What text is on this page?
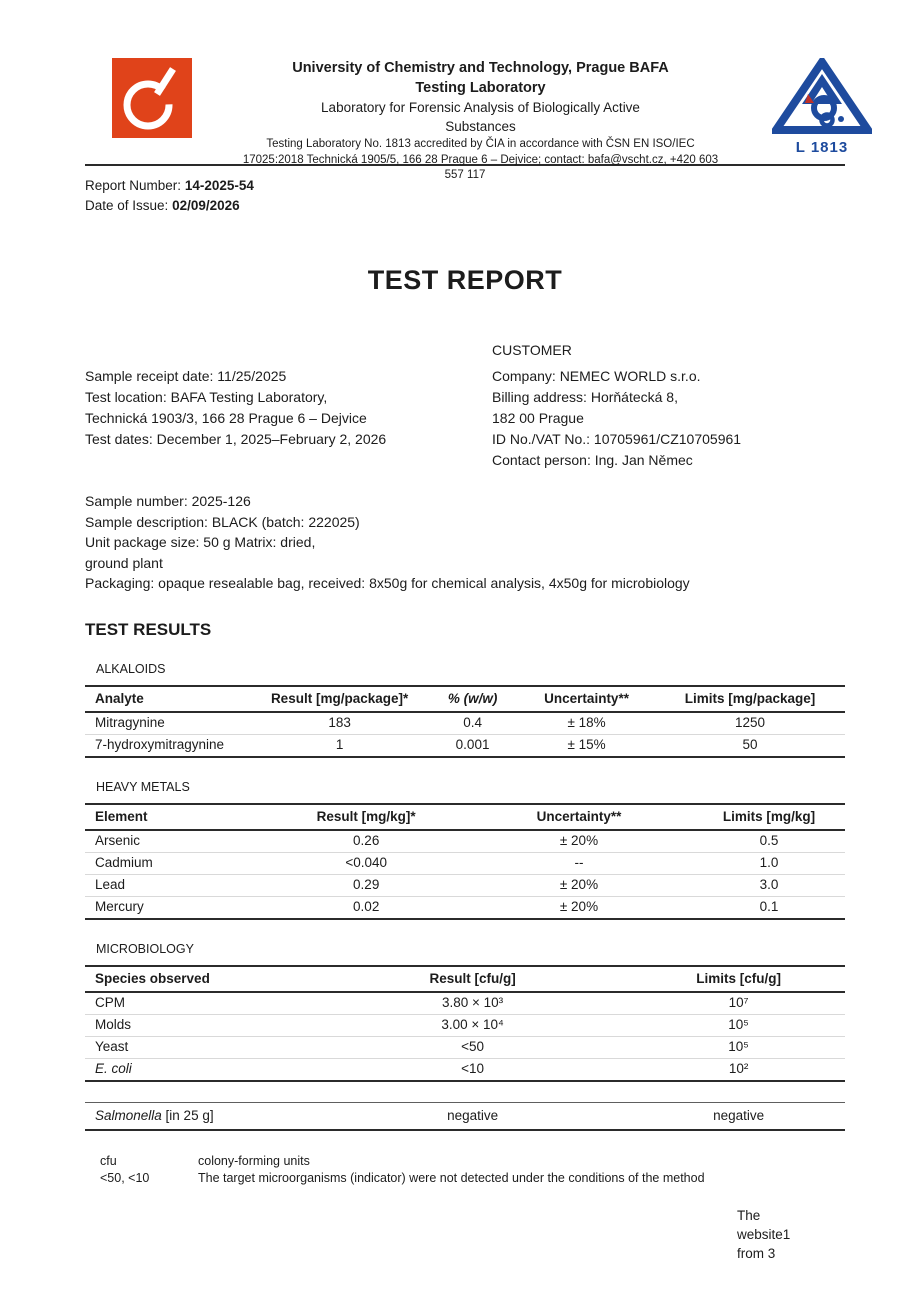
University of Chemistry and Technology, Prague BAFA
Testing Laboratory
Laboratory for Forensic Analysis of Biologically Active
Substances
Testing Laboratory No. 1813 accredited by ČIA in accordance with ČSN EN ISO/IEC
17025:2018 Technická 1905/5, 166 28 Prague 6 – Dejvice; contact: bafa@vscht.cz, +420 603
L 1813
557 117
Report Number: 14-2025-54
Date of Issue: 02/09/2026
TEST REPORT
Sample receipt date: 11/25/2025
Test location: BAFA Testing Laboratory,
Technická 1903/3, 166 28 Prague 6 – Dejvice
Test dates: December 1, 2025–February 2, 2026
CUSTOMER
Company: NEMEC WORLD s.r.o.
Billing address: Horňátecká 8,
182 00 Prague
ID No./VAT No.: 10705961/CZ10705961
Contact person: Ing. Jan Němec
Sample number: 2025-126
Sample description: BLACK (batch: 222025)
Unit package size: 50 g Matrix: dried,
ground plant
Packaging: opaque resealable bag, received: 8x50g for chemical analysis, 4x50g for microbiology
TEST RESULTS
ALKALOIDS
Analyte	Result [mg/package]*	% (w/w)	Uncertainty**	Limits [mg/package]
Mitragynine	183	0.4	± 18%	1250
7-hydroxymitragynine	1	0.001	± 15%	50
HEAVY METALS
Element	Result [mg/kg]*	Uncertainty**	Limits [mg/kg]
Arsenic	0.26	± 20%	0.5
Cadmium	<0.040	--	1.0
Lead	0.29	± 20%	3.0
Mercury	0.02	± 20%	0.1
MICROBIOLOGY
Species observed	Result [cfu/g]	Limits [cfu/g]
CPM	3.80 × 10³	10⁷
Molds	3.00 × 10⁴	10⁵
Yeast	<50	10⁵
E. coli	<10	10²
Salmonella [in 25 g]	negative	negative
cfu	colony-forming units
<50, <10	The target microorganisms (indicator) were not detected under the conditions of the method
The
website1
from 3
